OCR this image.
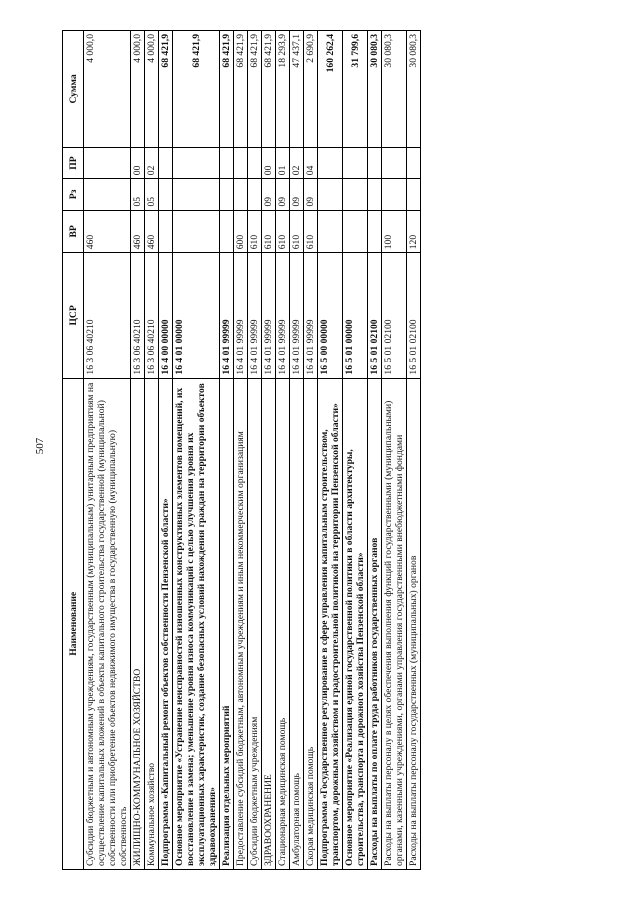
507
Наименование	ЦСР	ВР	Рз	ПР	Сумма
Субсидии бюджетным и автономным учреждениям, государственным (муниципальным) унитарным предприятиям на осуществление капитальных вложений в объекты капитального строительства государственной (муниципальной) собственности или приобретение объектов недвижимого имущества в государственную (муниципальную) собственность	16 3 06 40210	460			4 000,0
ЖИЛИЩНО-КОММУНАЛЬНОЕ ХОЗЯЙСТВО	16 3 06 40210	460	05	00	4 000,0
Коммунальное хозяйство	16 3 06 40210	460	05	02	4 000,0
Подпрограмма «Капитальный ремонт объектов собственности Пензенской области»	16 4 00 00000				68 421,9
Основное мероприятие «Устранение неисправностей изношенных конструктивных элементов помещений, их восстановление и замена; уменьшение уровня износа коммуникаций с целью улучшения уровня их эксплуатационных характеристик, создание безопасных условий нахождения граждан на территории объектов здравоохранения»	16 4 01 00000				68 421,9
Реализация отдельных мероприятий	16 4 01 99999				68 421,9
Предоставление субсидий бюджетным, автономным учреждениям и иным некоммерческим организациям	16 4 01 99999	600			68 421,9
Субсидии бюджетным учреждениям	16 4 01 99999	610			68 421,9
ЗДРАВООХРАНЕНИЕ	16 4 01 99999	610	09	00	68 421,9
Стационарная медицинская помощь	16 4 01 99999	610	09	01	18 293,9
Амбулаторная помощь	16 4 01 99999	610	09	02	47 437,1
Скорая медицинская помощь	16 4 01 99999	610	09	04	2 690,9
Подпрограмма «Государственное регулирование в сфере управления капитальным строительством, транспортом, дорожным хозяйством и градостроительной политикой на территории Пензенской области»	16 5 00 00000				160 262,4
Основное мероприятие «Реализация единой государственной политики в области архитектуры, строительства, транспорта и дорожного хозяйства Пензенской области»	16 5 01 00000				31 799,6
Расходы на выплаты по оплате труда работников государственных органов	16 5 01 02100				30 080,3
Расходы на выплаты персоналу в целях обеспечения выполнения функций государственными (муниципальными) органами, казенными учреждениями, органами управления государственными внебюджетными фондами	16 5 01 02100	100			30 080,3
Расходы на выплаты персоналу государственных (муниципальных) органов	16 5 01 02100	120			30 080,3
